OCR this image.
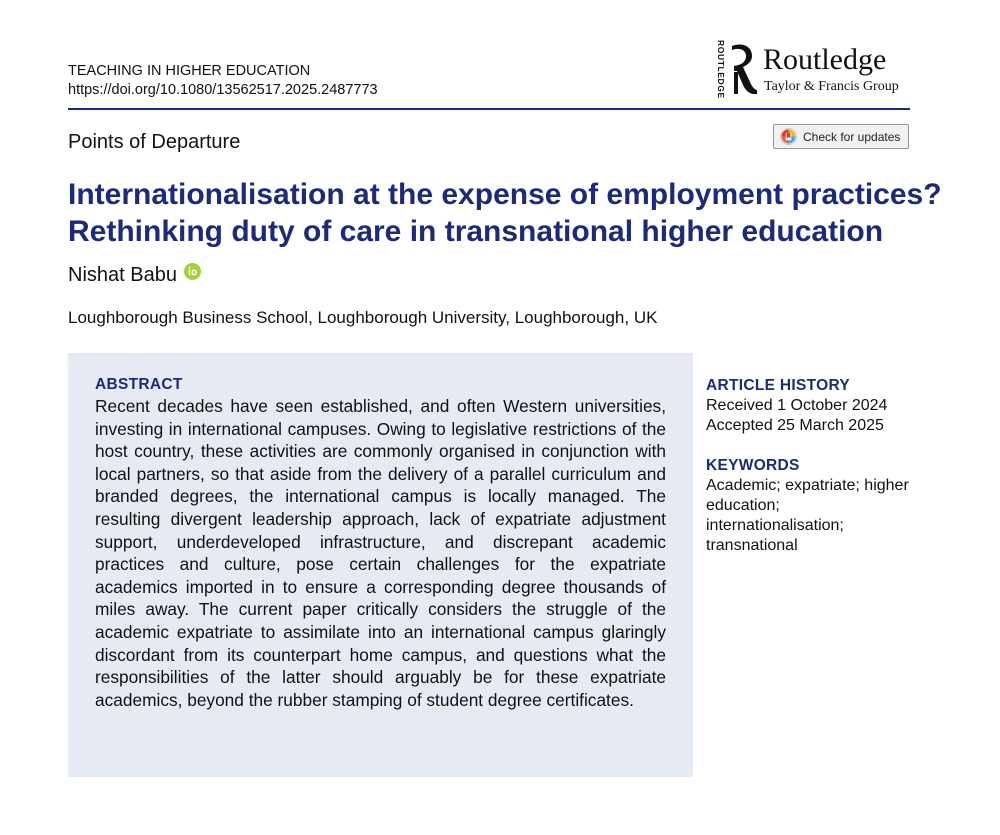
TEACHING IN HIGHER EDUCATION
https://doi.org/10.1080/13562517.2025.2487773	ROUTLEDGE Routledge
Taylor & Francis Group
Points of Departure	Check for updates
Internationalisation at the expense of employment practices?
Rethinking duty of care in transnational higher education
Nishat Babu
Loughborough Business School, Loughborough University, Loughborough, UK
ABSTRACT
Recent decades have seen established, and often Western universities, investing in international campuses. Owing to legislative restrictions of the host country, these activities are commonly organised in conjunction with local partners, so that aside from the delivery of a parallel curriculum and branded degrees, the international campus is locally managed. The resulting divergent leadership approach, lack of expatriate adjustment support, underdeveloped infrastructure, and discrepant academic practices and culture, pose certain challenges for the expatriate academics imported in to ensure a corresponding degree thousands of miles away. The current paper critically considers the struggle of the academic expatriate to assimilate into an international campus glaringly discordant from its counterpart home campus, and questions what the responsibilities of the latter should arguably be for these expatriate academics, beyond the rubber stamping of student degree certificates.
ARTICLE HISTORY
Received 1 October 2024
Accepted 25 March 2025
KEYWORDS
Academic; expatriate; higher education; internationalisation; transnational
